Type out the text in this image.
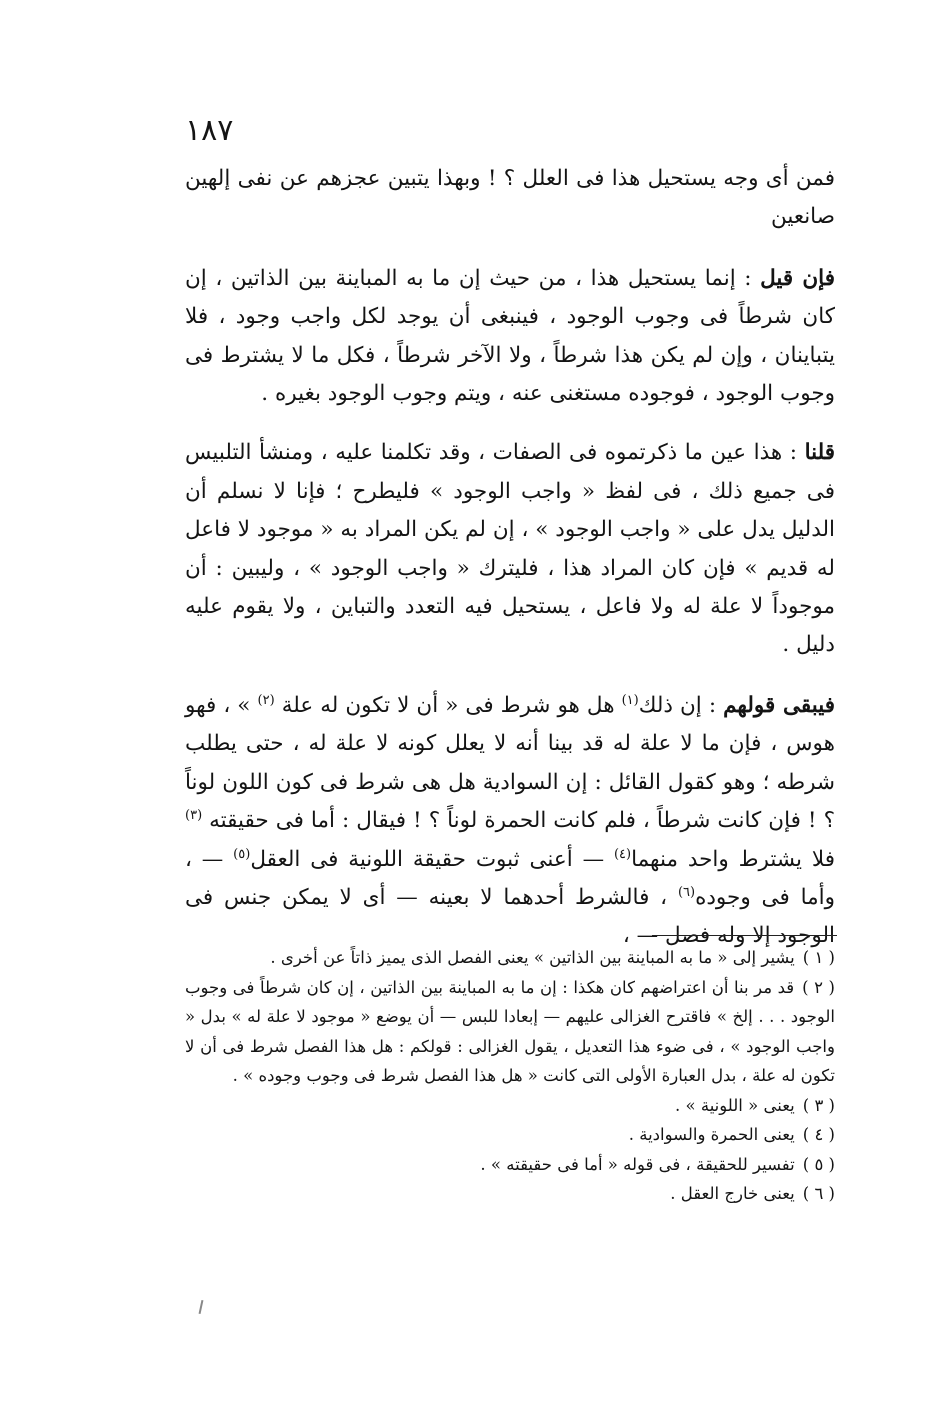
١٨٧

فمن أى وجه يستحيل هذا فى العلل ؟ ! وبهذا يتبين عجزهم عن نفى إلهين صانعين

فإن قيل : إنما يستحيل هذا ، من حيث إن ما به المباينة بين الذاتين ، إن كان شرطاً فى وجوب الوجود ، فينبغى أن يوجد لكل واجب وجود ، فلا يتباينان ، وإن لم يكن هذا شرطاً ، ولا الآخر شرطاً ، فكل ما لا يشترط فى وجوب الوجود ، فوجوده مستغنى عنه ، ويتم وجوب الوجود بغيره .

قلنا : هذا عين ما ذكرتموه فى الصفات ، وقد تكلمنا عليه ، ومنشأ التلبيس فى جميع ذلك ، فى لفظ « واجب الوجود » فليطرح ؛ فإنا لا نسلم أن الدليل يدل على « واجب الوجود » ، إن لم يكن المراد به « موجود لا فاعل له قديم » فإن كان المراد هذا ، فليترك « واجب الوجود » ، وليبين : أن موجوداً لا علة له ولا فاعل ، يستحيل فيه التعدد والتباين ، ولا يقوم عليه دليل .

فيبقى قولهم : إن ذلك$^{(١)}$ هل هو شرط فى « أن لا تكون له علة $^{(٢)}$ » ، فهو هوس ، فإن ما لا علة له قد بينا أنه لا يعلل كونه لا علة له ، حتى يطلب شرطه ؛ وهو كقول القائل : إن السوادية هل هى شرط فى كون اللون لوناً ؟ ! فإن كانت شرطاً ، فلم كانت الحمرة لوناً ؟ ! فيقال : أما فى حقيقته $^{(٣)}$ فلا يشترط واحد منهما$^{(٤)}$ — أعنى ثبوت حقيقة اللونية فى العقل$^{(٥)}$ — ، وأما فى وجوده$^{(٦)}$ ، فالشرط أحدهما لا بعينه — أى لا يمكن جنس فى الوجود إلا وله فصل — ،

( ١ )يشير إلى « ما به المباينة بين الذاتين » يعنى الفصل الذى يميز ذاتاً عن أخرى .

( ٢ )قد مر بنا أن اعتراضهم كان هكذا : إن ما به المباينة بين الذاتين ، إن كان شرطاً فى وجوب الوجود . . . إلخ » فاقترح الغزالى عليهم — إبعادا للبس — أن يوضع « موجود لا علة له » بدل « واجب الوجود » ، فى ضوء هذا التعديل ، يقول الغزالى : قولكم : هل هذا الفصل شرط فى أن لا تكون له علة ، بدل العبارة الأولى التى كانت « هل هذا الفصل شرط فى وجوب وجوده » .

( ٣ )يعنى « اللونية » .

( ٤ )يعنى الحمرة والسوادية .

( ٥ )تفسير للحقيقة ، فى قوله « أما فى حقيقته » .

( ٦ )يعنى خارج العقل .
